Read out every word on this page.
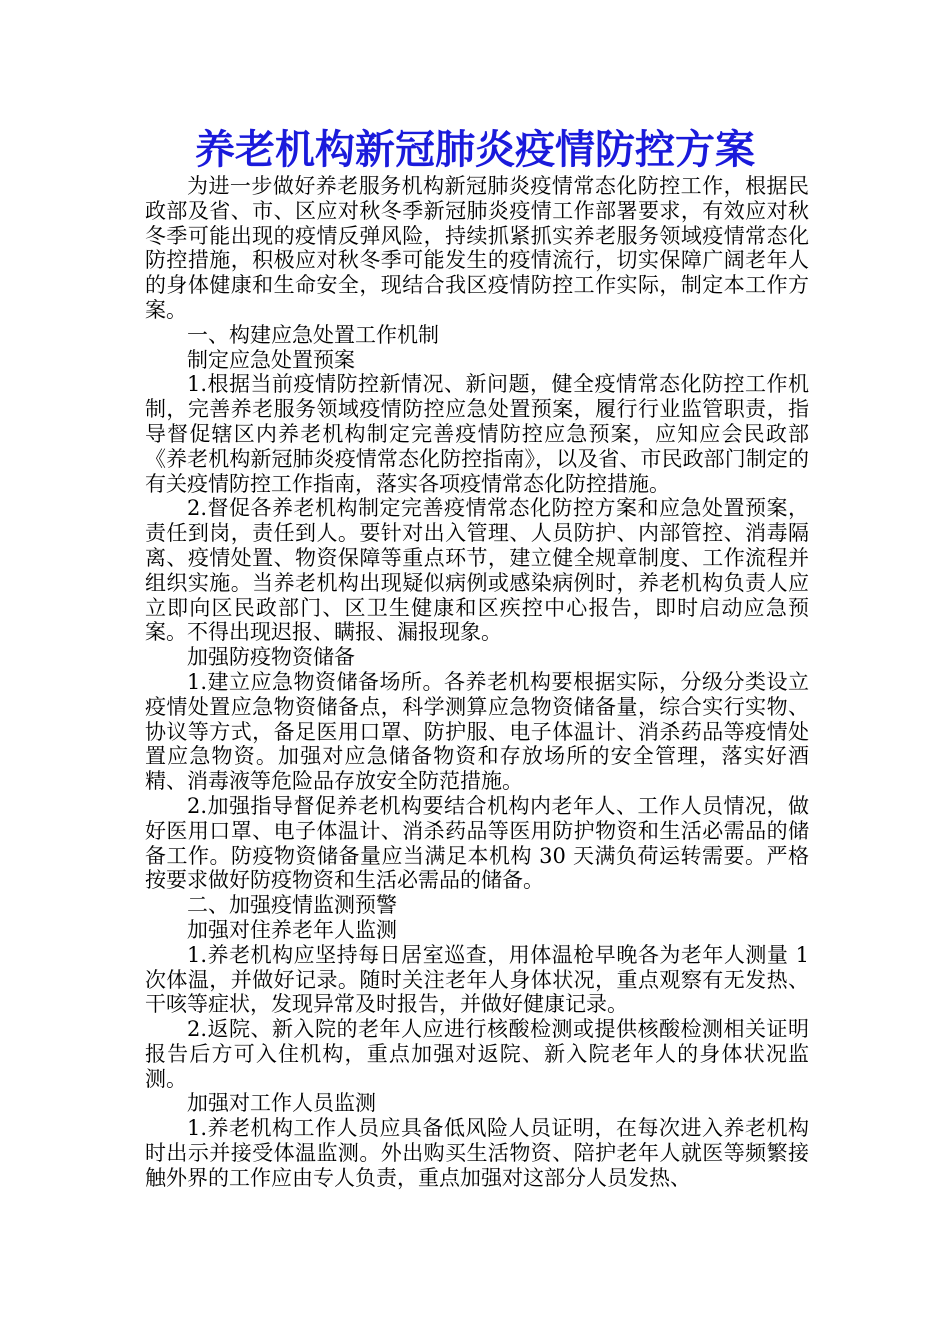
养老机构新冠肺炎疫情防控方案

为进一步做好养老服务机构新冠肺炎疫情常态化防控工作，根据民政部及省、市、区应对秋冬季新冠肺炎疫情工作部署要求，有效应对秋冬季可能出现的疫情反弹风险，持续抓紧抓实养老服务领域疫情常态化防控措施，积极应对秋冬季可能发生的疫情流行，切实保障广阔老年人的身体健康和生命安全，现结合我区疫情防控工作实际，制定本工作方案。

一、构建应急处置工作机制

制定应急处置预案

1.根据当前疫情防控新情况、新问题，健全疫情常态化防控工作机制，完善养老服务领域疫情防控应急处置预案，履行行业监管职责，指导督促辖区内养老机构制定完善疫情防控应急预案，应知应会民政部《养老机构新冠肺炎疫情常态化防控指南》，以及省、市民政部门制定的有关疫情防控工作指南，落实各项疫情常态化防控措施。

2.督促各养老机构制定完善疫情常态化防控方案和应急处置预案，责任到岗，责任到人。要针对出入管理、人员防护、内部管控、消毒隔离、疫情处置、物资保障等重点环节，建立健全规章制度、工作流程并组织实施。当养老机构出现疑似病例或感染病例时，养老机构负责人应立即向区民政部门、区卫生健康和区疾控中心报告，即时启动应急预案。不得出现迟报、瞒报、漏报现象。

加强防疫物资储备

1.建立应急物资储备场所。各养老机构要根据实际，分级分类设立疫情处置应急物资储备点，科学测算应急物资储备量，综合实行实物、协议等方式，备足医用口罩、防护服、电子体温计、消杀药品等疫情处置应急物资。加强对应急储备物资和存放场所的安全管理，落实好酒精、消毒液等危险品存放安全防范措施。

2.加强指导督促养老机构要结合机构内老年人、工作人员情况，做好医用口罩、电子体温计、消杀药品等医用防护物资和生活必需品的储备工作。防疫物资储备量应当满足本机构 30 天满负荷运转需要。严格按要求做好防疫物资和生活必需品的储备。

二、加强疫情监测预警

加强对住养老年人监测

1.养老机构应坚持每日居室巡查，用体温枪早晚各为老年人测量 1 次体温，并做好记录。随时关注老年人身体状况，重点观察有无发热、干咳等症状，发现异常及时报告，并做好健康记录。

2.返院、新入院的老年人应进行核酸检测或提供核酸检测相关证明报告后方可入住机构，重点加强对返院、新入院老年人的身体状况监测。

加强对工作人员监测

1.养老机构工作人员应具备低风险人员证明，在每次进入养老机构时出示并接受体温监测。外出购买生活物资、陪护老年人就医等频繁接触外界的工作应由专人负责，重点加强对这部分人员发热、
